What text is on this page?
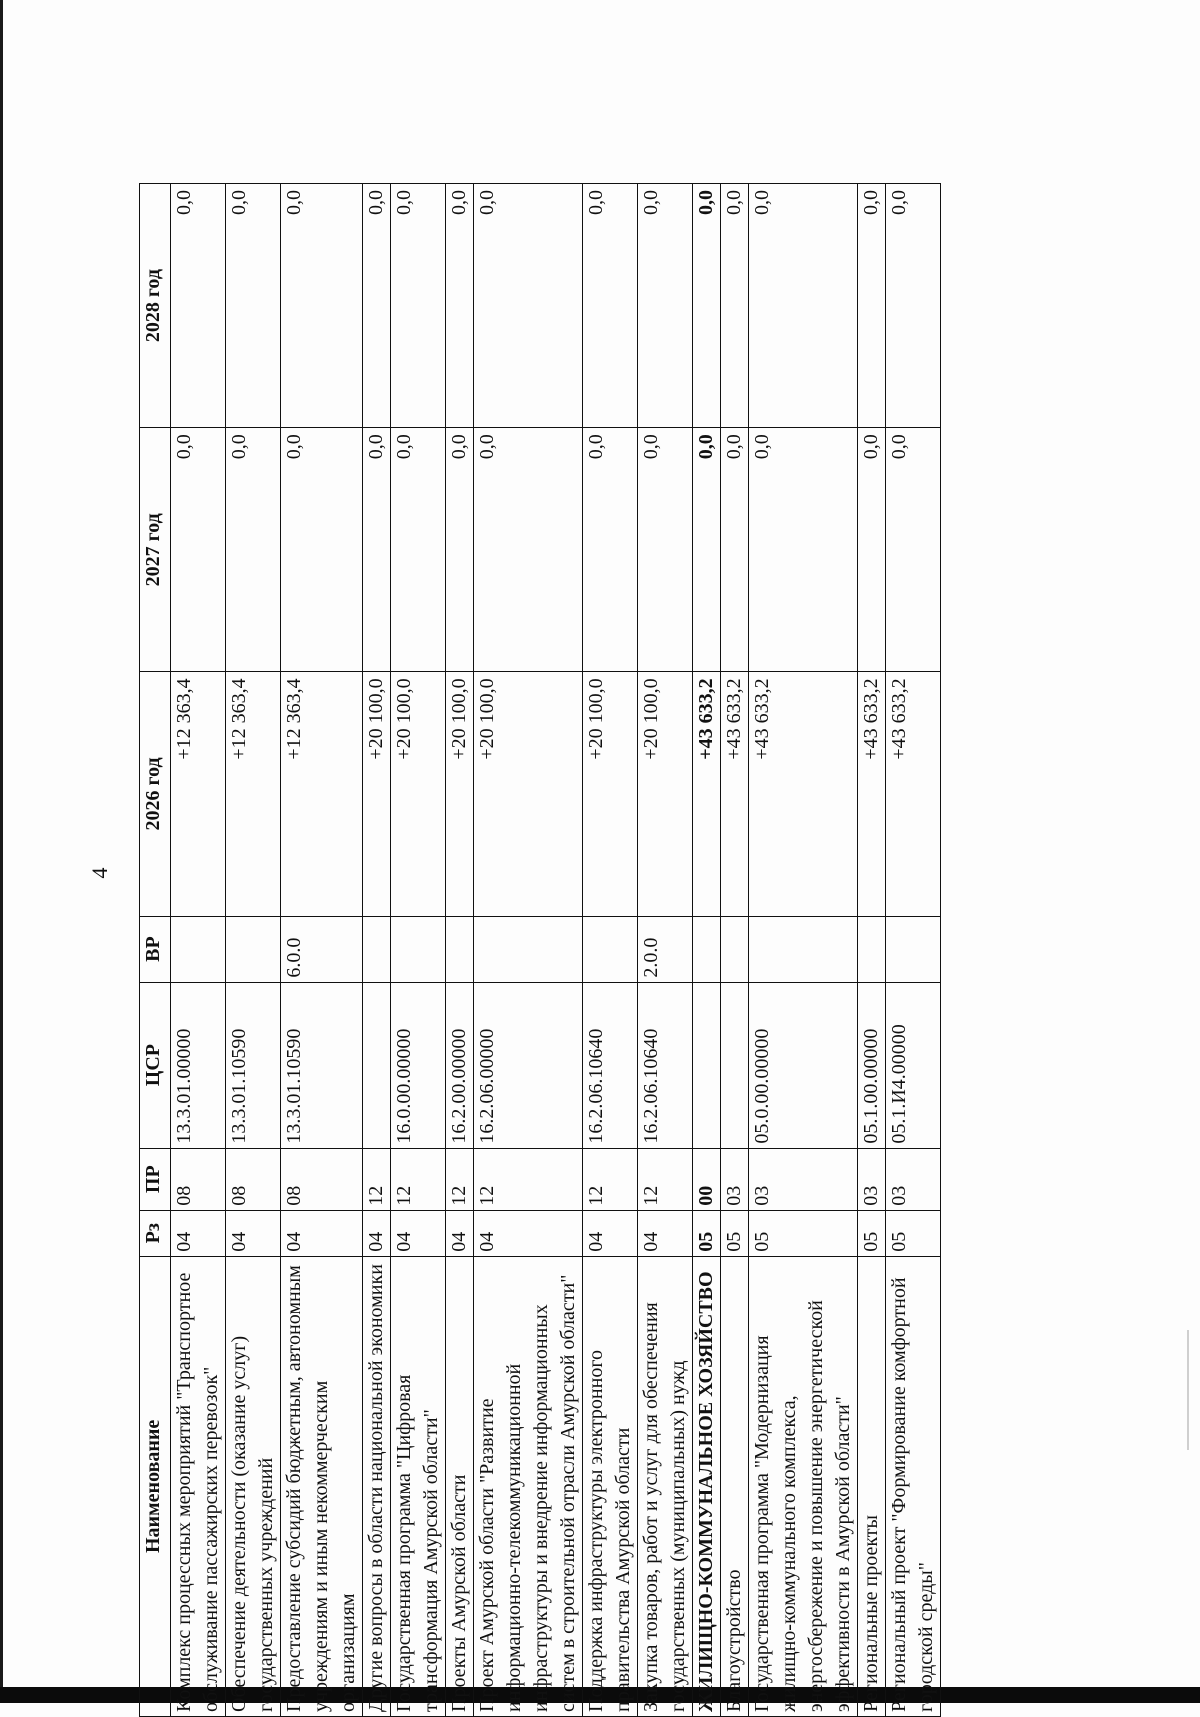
4
Наименование	Рз	ПР	ЦСР	ВР	2026 год	2027 год	2028 год
Комплекс процессных мероприятий "Транспортное обслуживание пассажирских перевозок"	04	08	13.3.01.00000		+12 363,4	0,0	0,0
Обеспечение деятельности (оказание услуг) государственных учреждений	04	08	13.3.01.10590		+12 363,4	0,0	0,0
Предоставление субсидий бюджетным, автономным учреждениям и иным некоммерческим организациям	04	08	13.3.01.10590	6.0.0	+12 363,4	0,0	0,0
Другие вопросы в области национальной экономики	04	12			+20 100,0	0,0	0,0
Государственная программа "Цифровая трансформация Амурской области"	04	12	16.0.00.00000		+20 100,0	0,0	0,0
Проекты Амурской области	04	12	16.2.00.00000		+20 100,0	0,0	0,0
Проект Амурской области "Развитие информационно-телекоммуникационной инфраструктуры и внедрение информационных систем в строительной отрасли Амурской области"	04	12	16.2.06.00000		+20 100,0	0,0	0,0
Поддержка инфраструктуры электронного правительства Амурской области	04	12	16.2.06.10640		+20 100,0	0,0	0,0
Закупка товаров, работ и услуг для обеспечения государственных (муниципальных) нужд	04	12	16.2.06.10640	2.0.0	+20 100,0	0,0	0,0
ЖИЛИЩНО-КОММУНАЛЬНОЕ ХОЗЯЙСТВО	05	00			+43 633,2	0,0	0,0
Благоустройство	05	03			+43 633,2	0,0	0,0
Государственная программа "Модернизация жилищно-коммунального комплекса, энергосбережение и повышение энергетической эффективности в Амурской области"	05	03	05.0.00.00000		+43 633,2	0,0	0,0
Региональные проекты	05	03	05.1.00.00000		+43 633,2	0,0	0,0
Региональный проект "Формирование комфортной городской среды"	05	03	05.1.И4.00000		+43 633,2	0,0	0,0
